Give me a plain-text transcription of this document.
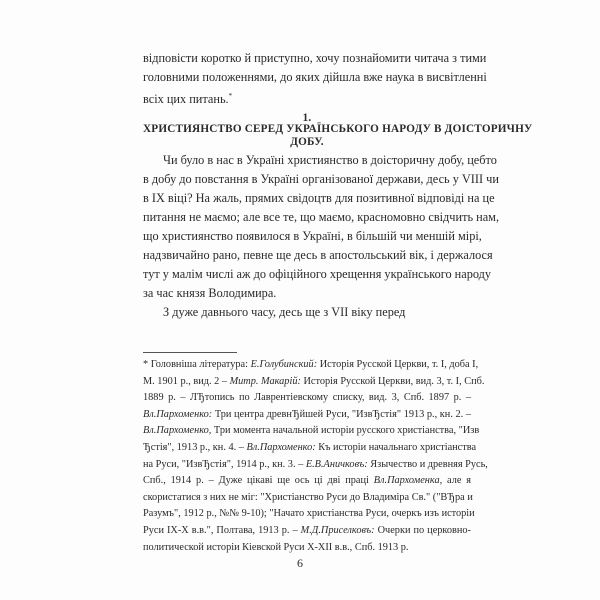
відповісти коротко й приступно, хочу познайомити читача з тими
головними положеннями, до яких дійшла вже наука в висвітленні
всіх цих питань.*
1.
ХРИСТИЯНСТВО СЕРЕД УКРАЇНСЬКОГО НАРОДУ В ДОІСТОРИЧНУ
ДОБУ.
Чи було в нас в Україні християнство в доісторичну добу, цебто
в добу до повстання в Україні організованої держави, десь у VIII чи
в IX віці? На жаль, прямих свідоцтв для позитивної відповіді на це
питання не маємо; але все те, що маємо, красномовно свідчить нам,
що християнство появилося в Україні, в більшій чи меншій мірі,
надзвичайно рано, певне ще десь в апостольський вік, і держалося
тут у малім числі аж до офіційного хрещення українського народу
за час князя Володимира.
З дуже давнього часу, десь ще з VII віку перед
* Головніша література: Е.Голубинский: Исторія Русской Церкви, т. I, доба I,
М. 1901 р., вид. 2 – Митр. Макарій: Исторія Русской Церкви, вид. 3, т. I, Спб.
1889 р. – ЛЂтопись по Лаврентіевскому списку, вид. 3, Спб. 1897 р. –
Вл.Пархоменко: Три центра древнЂйшей Руси, "ИзвЂстія" 1913 р., кн. 2. –
Вл.Пархоменко, Три момента начальной исторіи русского христіанства, "Изв
Ђстія", 1913 р., кн. 4. – Вл.Пархоменко: Къ исторіи начальнаго христіанства
на Руси, "ИзвЂстія", 1914 р., кн. 3. – Е.В.Аничковъ: Язычество и древняя Русь,
Спб., 1914 р. – Дуже цікаві ще ось ці дві праці Вл.Пархоменка, але я
скористатися з них не міг: "Христіанство Руси до Владиміра Св." ("ВЂра и
Разумъ", 1912 р., №№ 9-10); "Начато христіанства Руси, очеркъ изъ исторіи
Руси IX-X в.в.", Полтава, 1913 р. – М.Д.Приселковъ: Очерки по церковно-
политической исторіи Кіевской Руси X-XII в.в., Спб. 1913 р.
6
